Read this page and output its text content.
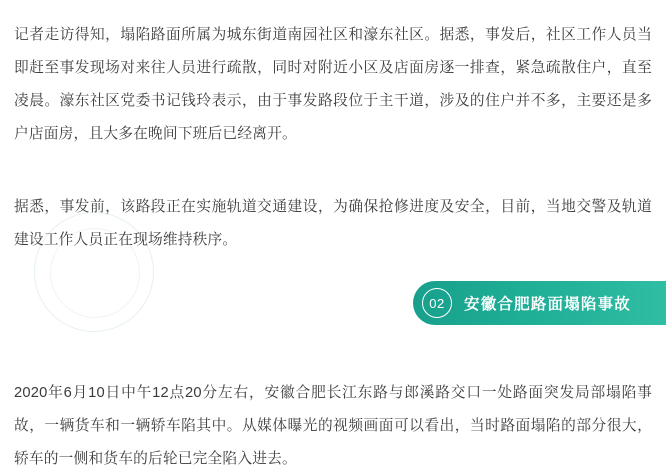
记者走访得知，塌陷路面所属为城东街道南园社区和濠东社区。据悉，事发后，社区工作人员当即赶至事发现场对来往人员进行疏散，同时对附近小区及店面房逐一排查，紧急疏散住户，直至凌晨。濠东社区党委书记钱玲表示，由于事发路段位于主干道，涉及的住户并不多，主要还是多户店面房，且大多在晚间下班后已经离开。

据悉，事发前，该路段正在实施轨道交通建设，为确保抢修进度及安全，目前，当地交警及轨道建设工作人员正在现场维持秩序。

02	安徽合肥路面塌陷事故

2020年6月10日中午12点20分左右，安徽合肥长江东路与郎溪路交口一处路面突发局部塌陷事故，一辆货车和一辆轿车陷其中。从媒体曝光的视频画面可以看出，当时路面塌陷的部分很大，轿车的一侧和货车的后轮已完全陷入进去。
